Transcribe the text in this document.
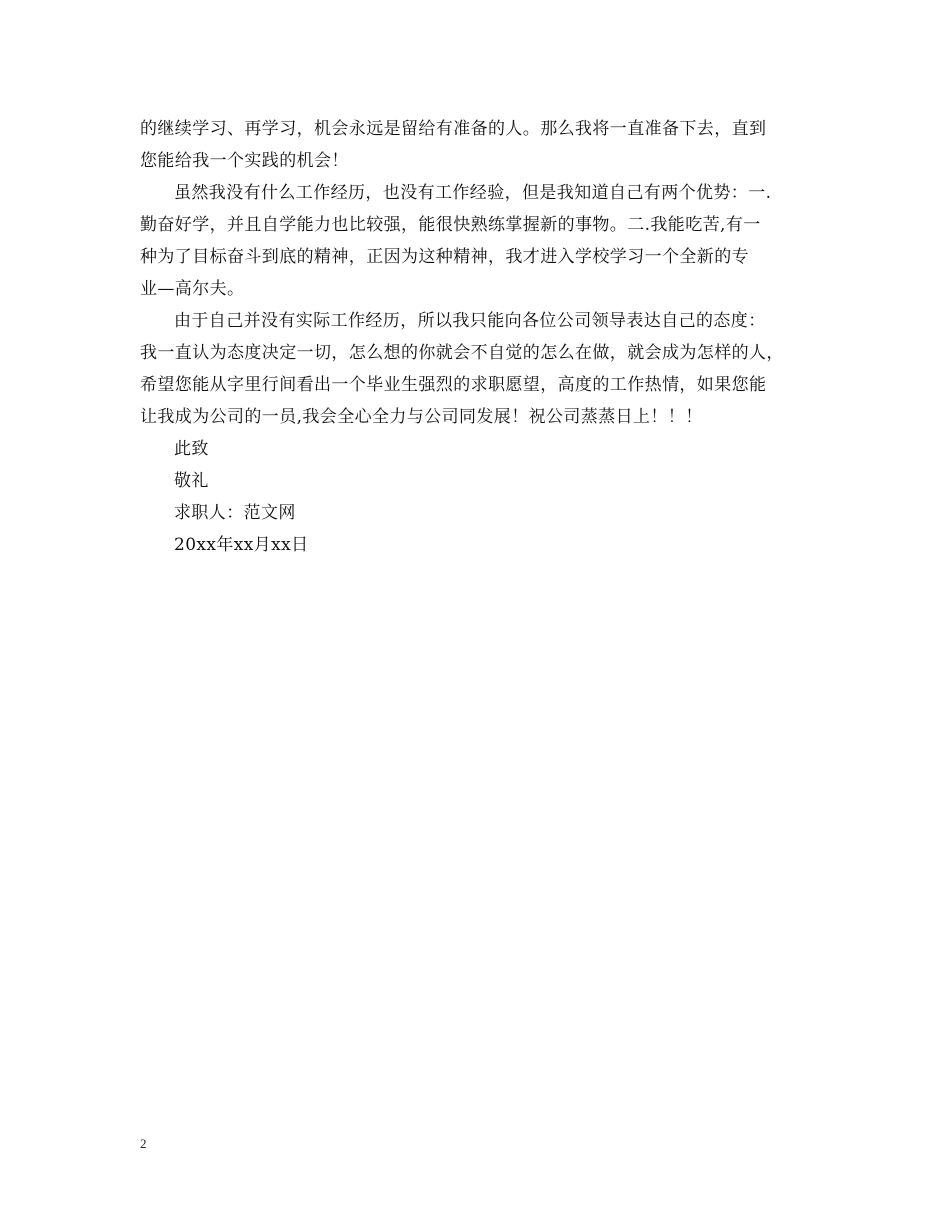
的继续学习、再学习，机会永远是留给有准备的人。那么我将一直准备下去，直到
您能给我一个实践的机会！
虽然我没有什么工作经历，也没有工作经验，但是我知道自己有两个优势：一.
勤奋好学，并且自学能力也比较强，能很快熟练掌握新的事物。二.我能吃苦,有一
种为了目标奋斗到底的精神，正因为这种精神，我才进入学校学习一个全新的专
业—高尔夫。
由于自己并没有实际工作经历，所以我只能向各位公司领导表达自己的态度：
我一直认为态度决定一切，怎么想的你就会不自觉的怎么在做，就会成为怎样的人，
希望您能从字里行间看出一个毕业生强烈的求职愿望，高度的工作热情，如果您能
让我成为公司的一员,我会全心全力与公司同发展！祝公司蒸蒸日上！！！
此致
敬礼
求职人：范文网
20xx年xx月xx日
2
